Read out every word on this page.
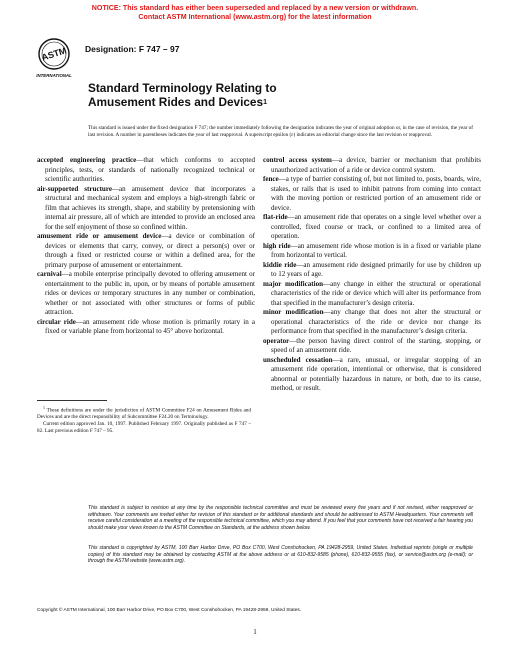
NOTICE: This standard has either been superseded and replaced by a new version or withdrawn.
Contact ASTM International (www.astm.org) for the latest information
ASTM
INTERNATIONAL
Designation: F 747 – 97
Standard Terminology Relating to
Amusement Rides and Devices$^1$
This standard is issued under the fixed designation F 747; the number immediately following the designation indicates the year of original adoption or, in the case of revision, the year of last revision. A number in parentheses indicates the year of last reapproval. A superscript epsilon (ε) indicates an editorial change since the last revision or reapproval.

accepted engineering practice—that which conforms to accepted principles, tests, or standards of nationally recognized technical or scientific authorities.

air-supported structure—an amusement device that incorporates a structural and mechanical system and employs a high-strength fabric or film that achieves its strength, shape, and stability by pretensioning with internal air pressure, all of which are intended to provide an enclosed area for the self enjoyment of those so confined within.

amusement ride or amusement device—a device or combination of devices or elements that carry, convey, or direct a person(s) over or through a fixed or restricted course or within a defined area, for the primary purpose of amusement or entertainment.

carnival—a mobile enterprise principally devoted to offering amusement or entertainment to the public in, upon, or by means of portable amusement rides or devices or temporary structures in any number or combination, whether or not associated with other structures or forms of public attraction.

circular ride—an amusement ride whose motion is primarily rotary in a fixed or variable plane from horizontal to 45° above horizontal.

control access system—a device, barrier or mechanism that prohibits unauthorized activation of a ride or device control system.

fence—a type of barrier consisting of, but not limited to, posts, boards, wire, stakes, or rails that is used to inhibit patrons from coming into contact with the moving portion or restricted portion of an amusement ride or device.

flat-ride—an amusement ride that operates on a single level whether over a controlled, fixed course or track, or confined to a limited area of operation.

high ride—an amusement ride whose motion is in a fixed or variable plane from horizontal to vertical.

kiddie ride—an amusement ride designed primarily for use by children up to 12 years of age.

major modification—any change in either the structural or operational characteristics of the ride or device which will alter its performance from that specified in the manufacturer’s design criteria.

minor modification—any change that does not alter the structural or operational characteristics of the ride or device nor change its performance from that specified in the manufacturer’s design criteria.

operator—the person having direct control of the starting, stopping, or speed of an amusement ride.

unscheduled cessation—a rare, unusual, or irregular stopping of an amusement ride operation, intentional or otherwise, that is considered abnormal or potentially hazardous in nature, or both, due to its cause, method, or result.

$^1$ These definitions are under the jurisdiction of ASTM Committee F24 on Amusement Rides and Devices and are the direct responsibility of Subcommittee F24.20 on Terminology.

Current edition approved Jan. 10, 1997. Published February 1997. Originally published as F 747 – 82. Last previous edition F 747 – 95.

This standard is subject to revision at any time by the responsible technical committee and must be reviewed every five years and if not revised, either reapproved or withdrawn. Your comments are invited either for revision of this standard or for additional standards and should be addressed to ASTM Headquarters. Your comments will receive careful consideration at a meeting of the responsible technical committee, which you may attend. If you feel that your comments have not received a fair hearing you should make your views known to the ASTM Committee on Standards, at the address shown below.
This standard is copyrighted by ASTM, 100 Barr Harbor Drive, PO Box C700, West Conshohocken, PA 19428-2959, United States. Individual reprints (single or multiple copies) of this standard may be obtained by contacting ASTM at the above address or at 610-832-9585 (phone), 610-832-9555 (fax), or service@astm.org (e-mail); or through the ASTM website (www.astm.org).
Copyright © ASTM International, 100 Barr Harbor Drive, PO Box C700, West Conshohocken, PA 19428-2959, United States.
1
